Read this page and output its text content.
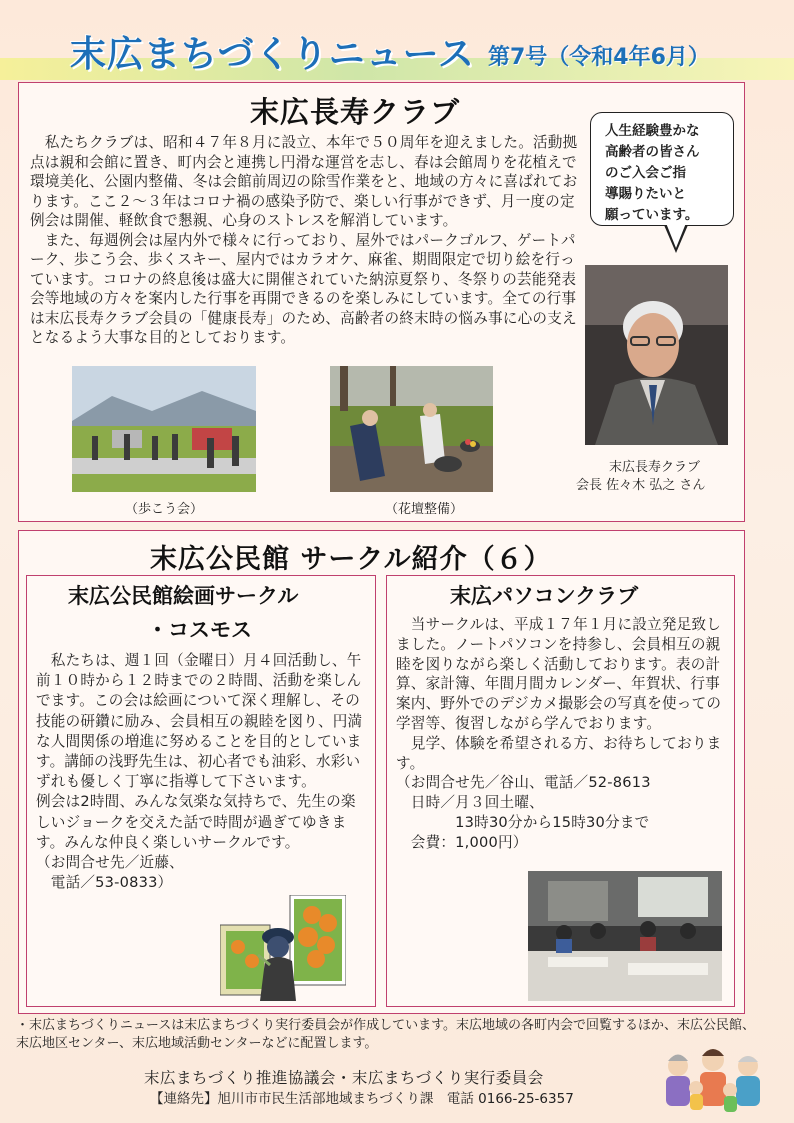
末広まちづくりニュース 第7号（令和4年6月）
末広長寿クラブ

　私たちクラブは、昭和４７年８月に設立、本年で５０周年を迎えました。活動拠点は親和会館に置き、町内会と連携し円滑な運営を志し、春は会館周りを花植えで環境美化、公園内整備、冬は会館前周辺の除雪作業をと、地域の方々に喜ばれております。ここ２～３年はコロナ禍の感染予防で、楽しい行事ができず、月一度の定例会は開催、軽飲食で懇親、心身のストレスを解消しています。

　また、毎週例会は屋内外で様々に行っており、屋外ではパークゴルフ、ゲートパーク、歩こう会、歩くスキー、屋内ではカラオケ、麻雀、期間限定で切り絵を行っています。コロナの終息後は盛大に開催されていた納涼夏祭り、冬祭りの芸能発表会等地域の方々を案内した行事を再開できるのを楽しみにしています。全ての行事は末広長寿クラブ会員の「健康長寿」のため、高齢者の終末時の悩み事に心の支えとなるよう大事な目的としております。

人生経験豊かな
高齢者の皆さん
のご入会ご指
導賜りたいと
願っています。
末広長寿クラブ
会長 佐々木 弘之 さん
（歩こう会）	（花壇整備）
末広公民館 サークル紹介（６）
末広公民館絵画サークル
・コスモス

　私たちは、週１回（金曜日）月４回活動し、午前１０時から１２時までの２時間、活動を楽しんでます。この会は絵画について深く理解し、その技能の研鑽に励み、会員相互の親睦を図り、円満な人間関係の増進に努めることを目的としています。講師の浅野先生は、初心者でも油彩、水彩いずれも優しく丁寧に指導して下さいます。

例会は2時間、みんな気楽な気持ちで、先生の楽しいジョークを交えた話で時間が過ぎてゆきます。みんな仲良く楽しいサークルです。

（お問合せ先／近藤、

　電話／53-0833）

末広パソコンクラブ

　当サークルは、平成１７年１月に設立発足致しました。ノートパソコンを持参し、会員相互の親睦を図りながら楽しく活動しております。表の計算、家計簿、年間月間カレンダー、年賀状、行事案内、野外でのデジカメ撮影会の写真を使っての学習等、復習しながら学んでおります。

　見学、体験を希望される方、お待ちしております。

（お問合せ先／谷山、電話／52-8613

　日時／月３回土曜、

　　　　13時30分から15時30分まで

　会費：1,000円）

・末広まちづくりニュースは末広まちづくり実行委員会が作成しています。末広地域の各町内会で回覧するほか、末広公民館、末広地区センター、末広地域活動センターなどに配置します。
末広まちづくり推進協議会・末広まちづくり実行委員会
【連絡先】旭川市市民生活部地域まちづくり課　電話 0166-25-6357
